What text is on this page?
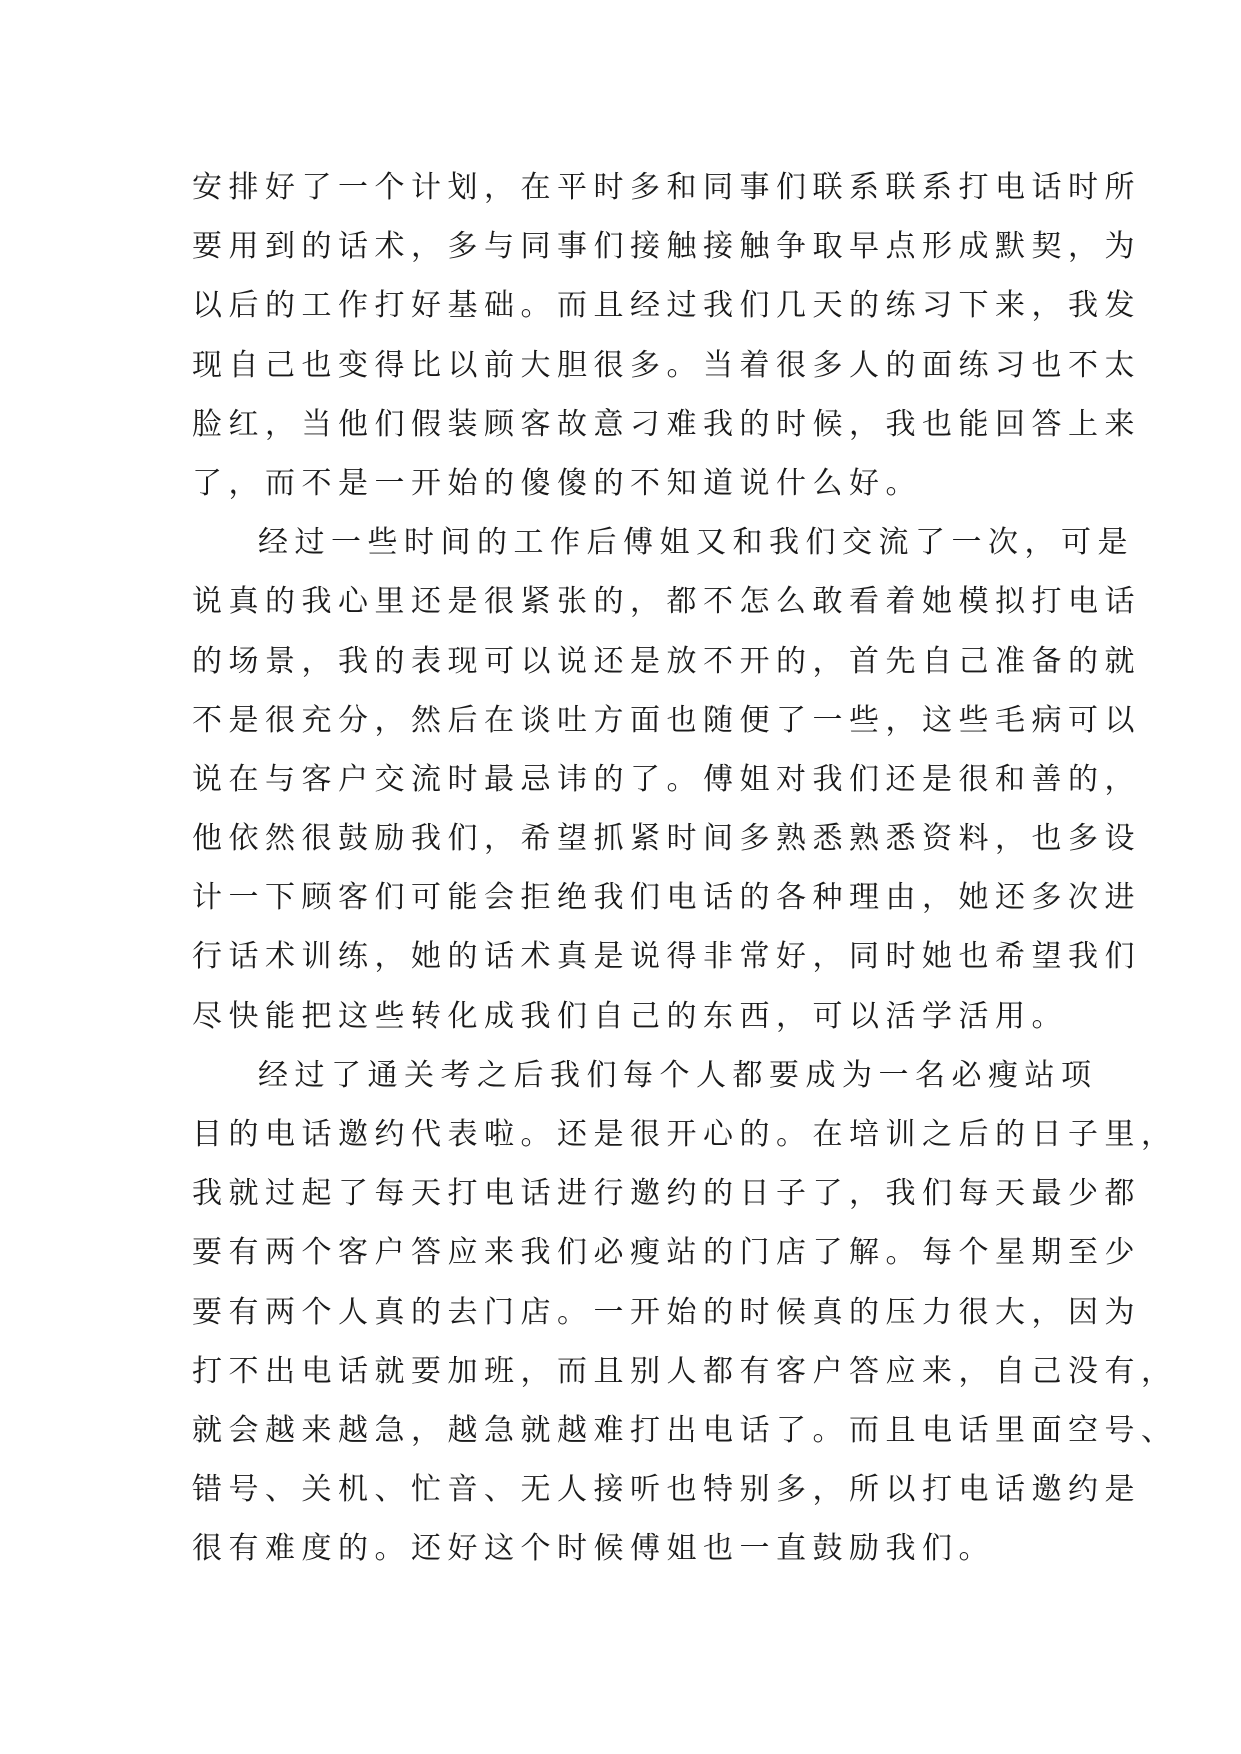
安排好了一个计划，在平时多和同事们联系联系打电话时所
要用到的话术，多与同事们接触接触争取早点形成默契，为
以后的工作打好基础。而且经过我们几天的练习下来，我发
现自己也变得比以前大胆很多。当着很多人的面练习也不太
脸红，当他们假装顾客故意刁难我的时候，我也能回答上来
了，而不是一开始的傻傻的不知道说什么好。
经过一些时间的工作后傅姐又和我们交流了一次，可是
说真的我心里还是很紧张的，都不怎么敢看着她模拟打电话
的场景，我的表现可以说还是放不开的，首先自己准备的就
不是很充分，然后在谈吐方面也随便了一些，这些毛病可以
说在与客户交流时最忌讳的了。傅姐对我们还是很和善的，
他依然很鼓励我们，希望抓紧时间多熟悉熟悉资料，也多设
计一下顾客们可能会拒绝我们电话的各种理由，她还多次进
行话术训练，她的话术真是说得非常好，同时她也希望我们
尽快能把这些转化成我们自己的东西，可以活学活用。
经过了通关考之后我们每个人都要成为一名必瘦站项
目的电话邀约代表啦。还是很开心的。在培训之后的日子里，
我就过起了每天打电话进行邀约的日子了，我们每天最少都
要有两个客户答应来我们必瘦站的门店了解。每个星期至少
要有两个人真的去门店。一开始的时候真的压力很大，因为
打不出电话就要加班，而且别人都有客户答应来，自己没有，
就会越来越急，越急就越难打出电话了。而且电话里面空号、
错号、关机、忙音、无人接听也特别多，所以打电话邀约是
很有难度的。还好这个时候傅姐也一直鼓励我们。
